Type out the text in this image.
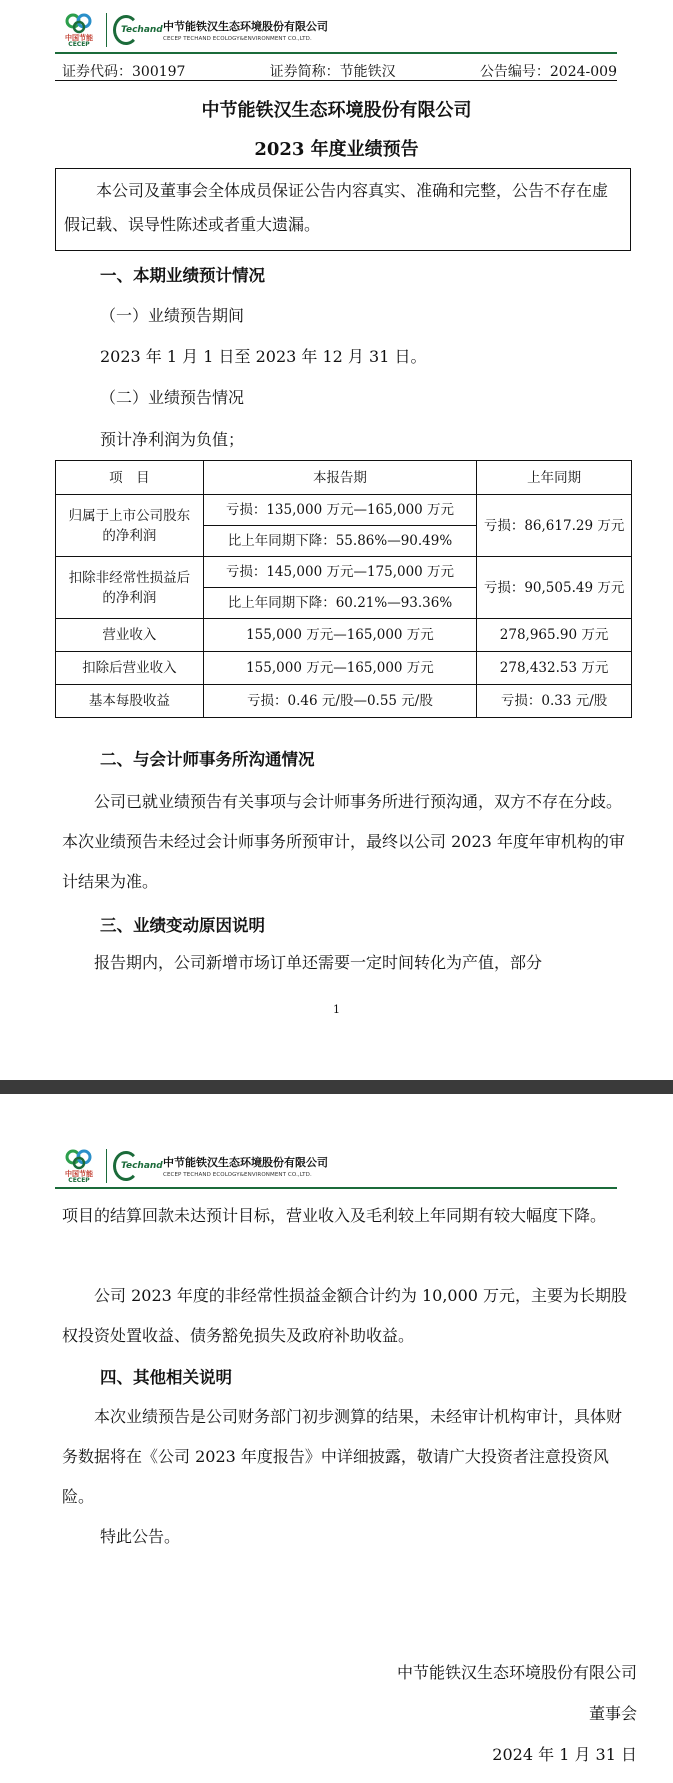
中国节能
CECEP
Techand 中节能铁汉生态环境股份有限公司
CECEP TECHAND ECOLOGY&ENVIRONMENT CO.,LTD.
证券代码：300197	证券简称：节能铁汉	公告编号：2024-009
中节能铁汉生态环境股份有限公司
2023 年度业绩预告
本公司及董事会全体成员保证公告内容真实、准确和完整，公告不存在虚假记载、误导性陈述或者重大遗漏。
一、本期业绩预计情况
（一）业绩预告期间
2023 年 1 月 1 日至 2023 年 12 月 31 日。
（二）业绩预告情况
预计净利润为负值；
项　目	本报告期	上年同期
归属于上市公司股东的净利润	亏损：135,000 万元—165,000 万元	亏损：86,617.29 万元
	比上年同期下降：55.86%—90.49%	
扣除非经常性损益后的净利润	亏损：145,000 万元—175,000 万元	亏损：90,505.49 万元
	比上年同期下降：60.21%—93.36%	
营业收入	155,000 万元—165,000 万元	278,965.90 万元
扣除后营业收入	155,000 万元—165,000 万元	278,432.53 万元
基本每股收益	亏损：0.46 元/股—0.55 元/股	亏损：0.33 元/股
二、与会计师事务所沟通情况
公司已就业绩预告有关事项与会计师事务所进行预沟通，双方不存在分歧。本次业绩预告未经过会计师事务所预审计，最终以公司 2023 年度年审机构的审计结果为准。
三、业绩变动原因说明
报告期内，公司新增市场订单还需要一定时间转化为产值，部分
1
中国节能
CECEP
Techand 中节能铁汉生态环境股份有限公司
CECEP TECHAND ECOLOGY&ENVIRONMENT CO.,LTD.
项目的结算回款未达预计目标，营业收入及毛利较上年同期有较大幅度下降。
公司 2023 年度的非经常性损益金额合计约为 10,000 万元，主要为长期股权投资处置收益、债务豁免损失及政府补助收益。
四、其他相关说明
本次业绩预告是公司财务部门初步测算的结果，未经审计机构审计，具体财务数据将在《公司 2023 年度报告》中详细披露，敬请广大投资者注意投资风险。
特此公告。
中节能铁汉生态环境股份有限公司
董事会
2024 年 1 月 31 日
